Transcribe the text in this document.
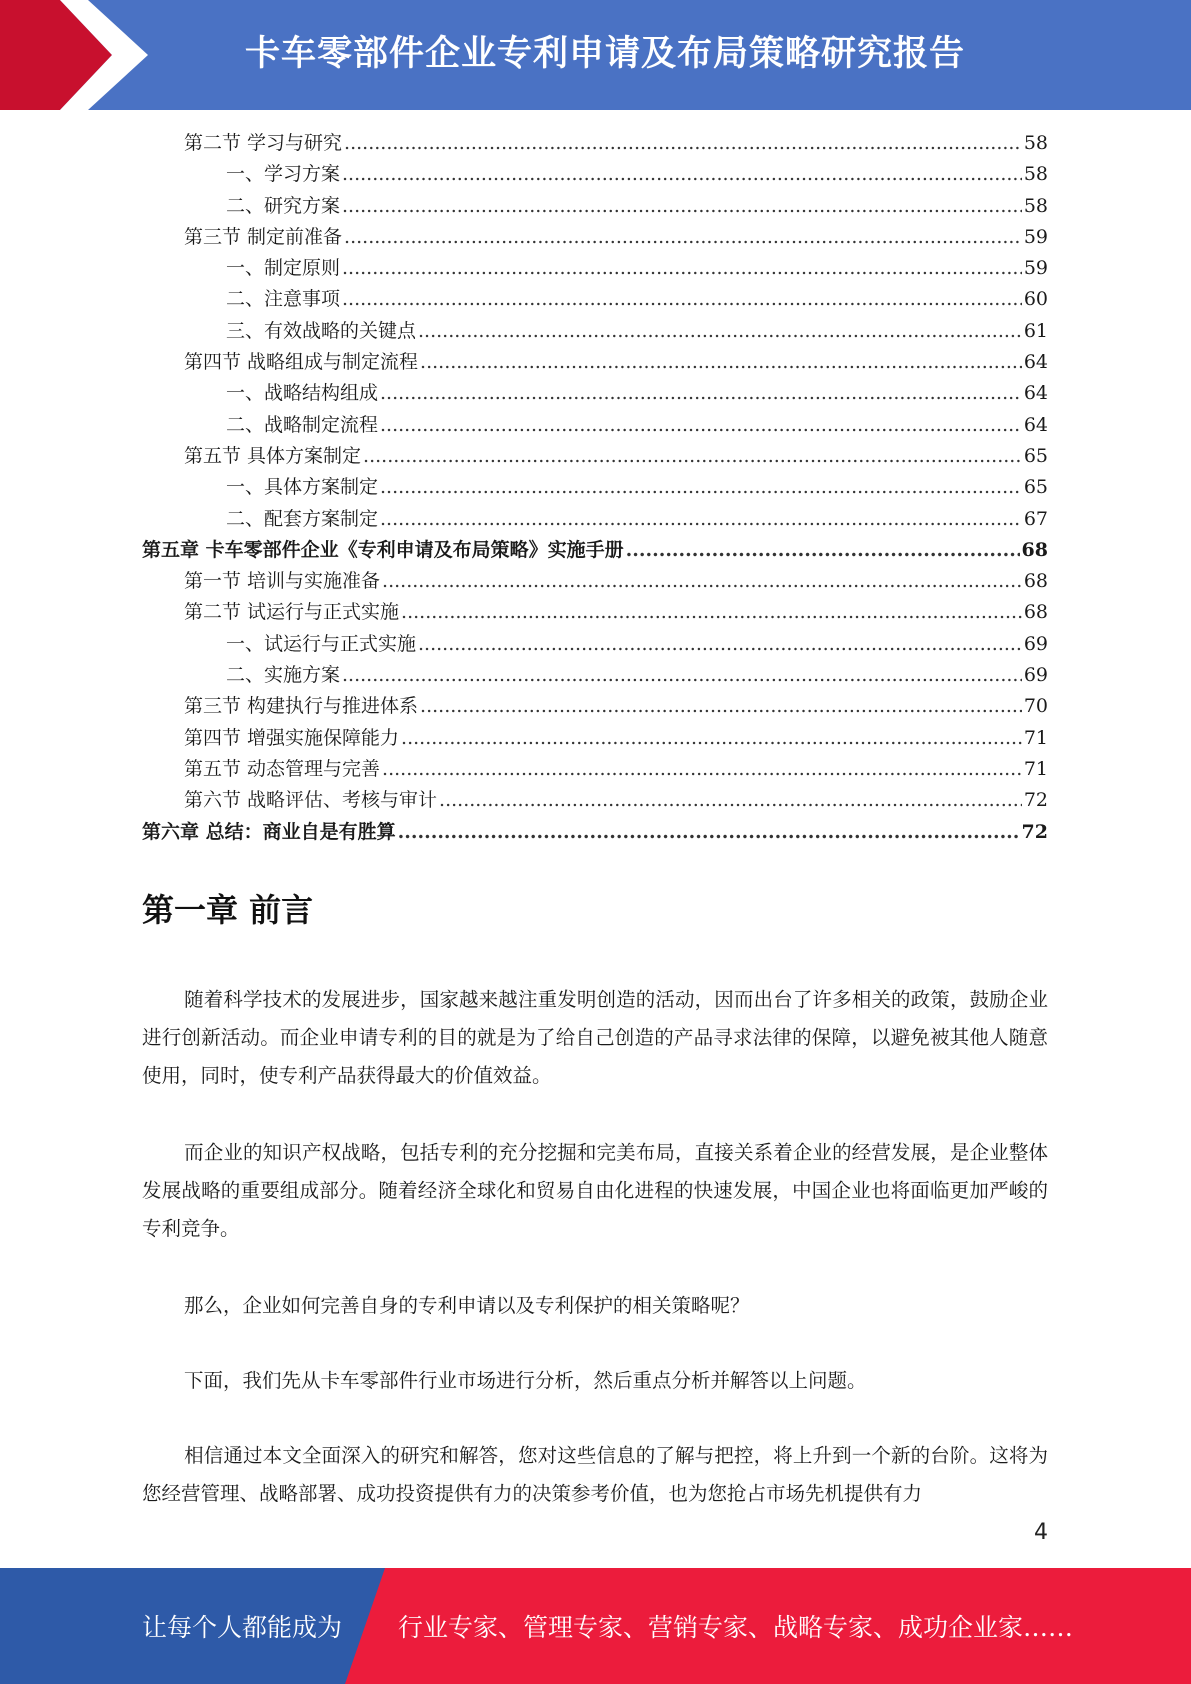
卡车零部件企业专利申请及布局策略研究报告
第二节 学习与研究 .....	58
一、学习方案 .....	58
二、研究方案 .....	58
第三节 制定前准备 .....	59
一、制定原则 .....	59
二、注意事项 .....	60
三、有效战略的关键点 .....	61
第四节 战略组成与制定流程 .....	64
一、战略结构组成 .....	64
二、战略制定流程 .....	64
第五节 具体方案制定 .....	65
一、具体方案制定 .....	65
二、配套方案制定 .....	67
第五章 卡车零部件企业《专利申请及布局策略》实施手册 .....	68
第一节 培训与实施准备 .....	68
第二节 试运行与正式实施 .....	68
一、试运行与正式实施 .....	69
二、实施方案 .....	69
第三节 构建执行与推进体系 .....	70
第四节 增强实施保障能力 .....	71
第五节 动态管理与完善 .....	71
第六节 战略评估、考核与审计 .....	72
第六章 总结：商业自是有胜算 .....	72
第一章 前言

随着科学技术的发展进步，国家越来越注重发明创造的活动，因而出台了许多相关的政策，鼓励企业进行创新活动。而企业申请专利的目的就是为了给自己创造的产品寻求法律的保障，以避免被其他人随意使用，同时，使专利产品获得最大的价值效益。

而企业的知识产权战略，包括专利的充分挖掘和完美布局，直接关系着企业的经营发展，是企业整体发展战略的重要组成部分。随着经济全球化和贸易自由化进程的快速发展，中国企业也将面临更加严峻的专利竞争。

那么，企业如何完善自身的专利申请以及专利保护的相关策略呢？

下面，我们先从卡车零部件行业市场进行分析，然后重点分析并解答以上问题。

相信通过本文全面深入的研究和解答，您对这些信息的了解与把控，将上升到一个新的台阶。这将为您经营管理、战略部署、成功投资提供有力的决策参考价值，也为您抢占市场先机提供有力

4
让每个人都能成为 行业专家、管理专家、营销专家、战略专家、成功企业家……
